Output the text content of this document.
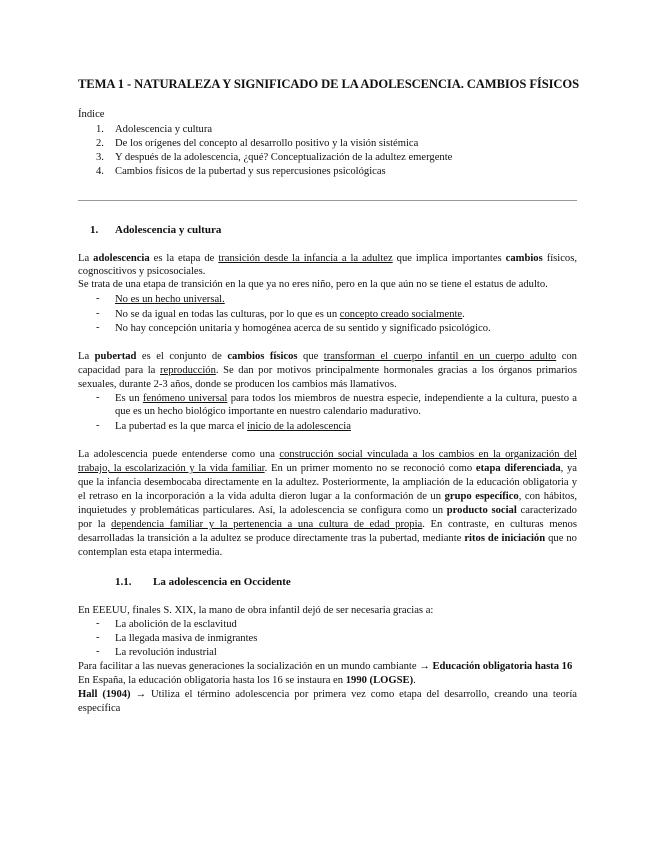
TEMA 1 - NATURALEZA Y SIGNIFICADO DE LA ADOLESCENCIA. CAMBIOS FÍSICOS
Índice
1. Adolescencia y cultura
2. De los orígenes del concepto al desarrollo positivo y la visión sistémica
3. Y después de la adolescencia, ¿qué? Conceptualización de la adultez emergente
4. Cambios físicos de la pubertad y sus repercusiones psicológicas
1. Adolescencia y cultura
La adolescencia es la etapa de transición desde la infancia a la adultez que implica importantes cambios físicos,
cognoscitivos y psicosociales.
Se trata de una etapa de transición en la que ya no eres niño, pero en la que aún no se tiene el estatus de adulto.
- No es un hecho universal.
- No se da igual en todas las culturas, por lo que es un concepto creado socialmente.
- No hay concepción unitaria y homogénea acerca de su sentido y significado psicológico.
La pubertad es el conjunto de cambios físicos que transforman el cuerpo infantil en un cuerpo adulto con
capacidad para la reproducción. Se dan por motivos principalmente hormonales gracias a los órganos primarios
sexuales, durante 2-3 años, donde se producen los cambios más llamativos.
- Es un fenómeno universal para todos los miembros de nuestra especie, independiente a la cultura, puesto a
que es un hecho biológico importante en nuestro calendario madurativo.
- La pubertad es la que marca el inicio de la adolescencia
La adolescencia puede entenderse como una construcción social vinculada a los cambios en la organización del
trabajo, la escolarización y la vida familiar. En un primer momento no se reconoció como etapa diferenciada, ya
que la infancia desembocaba directamente en la adultez. Posteriormente, la ampliación de la educación obligatoria y
el retraso en la incorporación a la vida adulta dieron lugar a la conformación de un grupo específico, con hábitos,
inquietudes y problemáticas particulares. Así, la adolescencia se configura como un producto social caracterizado
por la dependencia familiar y la pertenencia a una cultura de edad propia. En contraste, en culturas menos
desarrolladas la transición a la adultez se produce directamente tras la pubertad, mediante ritos de iniciación que no
contemplan esta etapa intermedia.
1.1. La adolescencia en Occidente
En EEEUU, finales S. XIX, la mano de obra infantil dejó de ser necesaria gracias a:
- La abolición de la esclavitud
- La llegada masiva de inmigrantes
- La revolución industrial
Para facilitar a las nuevas generaciones la socialización en un mundo cambiante → Educación obligatoria hasta 16
En España, la educación obligatoria hasta los 16 se instaura en 1990 (LOGSE).
Hall (1904) → Utiliza el término adolescencia por primera vez como etapa del desarrollo, creando una teoría
específica
